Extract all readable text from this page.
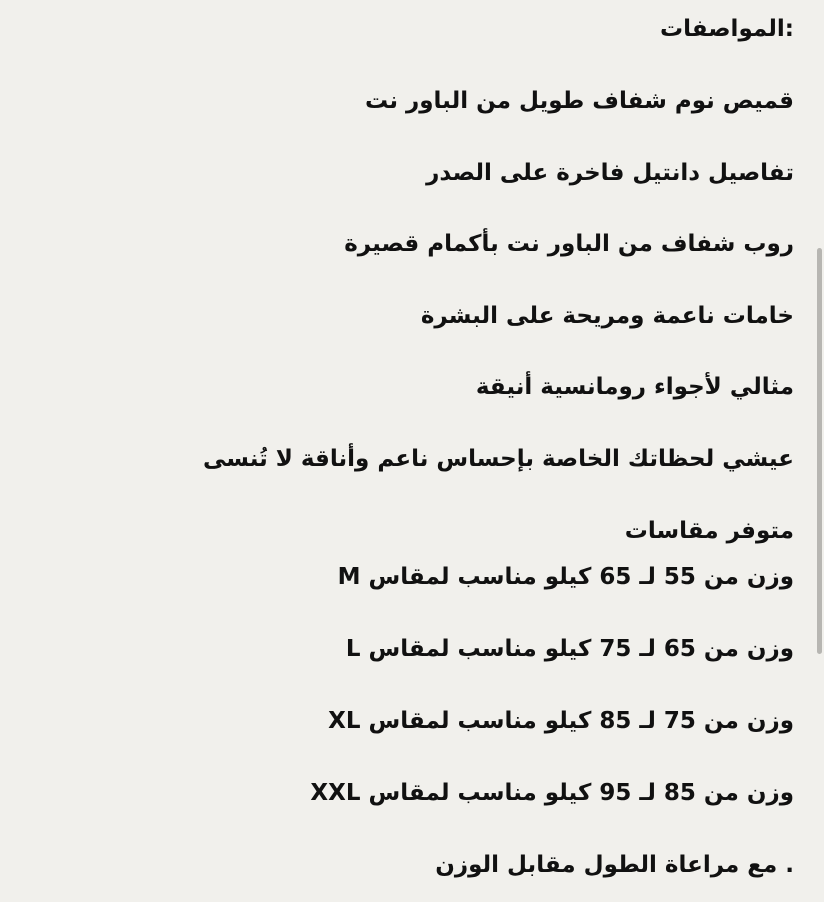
:المواصفات
قميص نوم شفاف طويل من الباور نت
تفاصيل دانتيل فاخرة على الصدر
روب شفاف من الباور نت بأكمام قصيرة
خامات ناعمة ومريحة على البشرة
مثالي لأجواء رومانسية أنيقة
عيشي لحظاتك الخاصة بإحساس ناعم وأناقة لا تُنسى
متوفر مقاسات
M وزن من 55 لـ 65 كيلو مناسب لمقاس
L وزن من 65 لـ 75 كيلو مناسب لمقاس
XL وزن من 75 لـ 85 كيلو مناسب لمقاس
XXL وزن من 85 لـ 95 كيلو مناسب لمقاس
. مع مراعاة الطول مقابل الوزن
